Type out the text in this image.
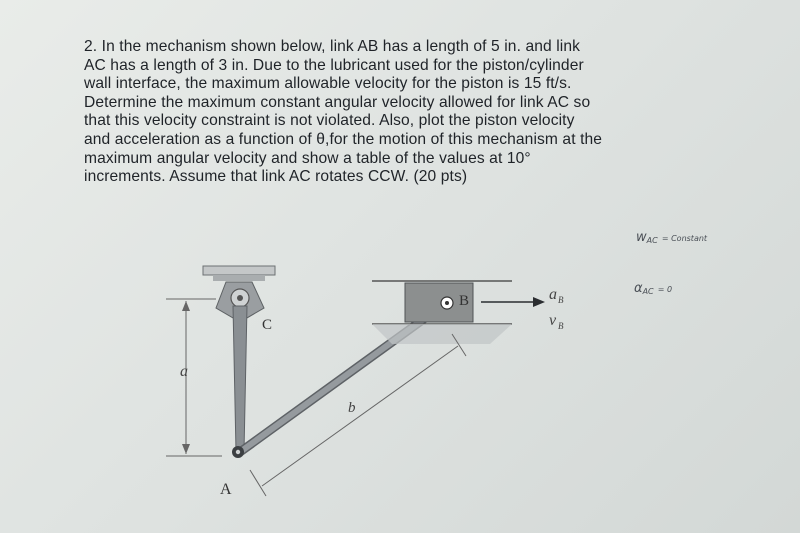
2. In the mechanism shown below, link AB has a length of 5 in. and link
AC has a length of 3 in. Due to the lubricant used for the piston/cylinder
wall interface, the maximum allowable velocity for the piston is 15 ft/s.
Determine the maximum constant angular velocity allowed for link AC so
that this velocity constraint is not violated. Also, plot the piston velocity
and acceleration as a function of θ,for the motion of this mechanism at the
maximum angular velocity and show a table of the values at 10°
increments. Assume that link AC rotates CCW. (20 pts)
a
b
A
B
C
a B
v B
$w_{AC}$ = Constant
$\alpha_{AC} = 0$
